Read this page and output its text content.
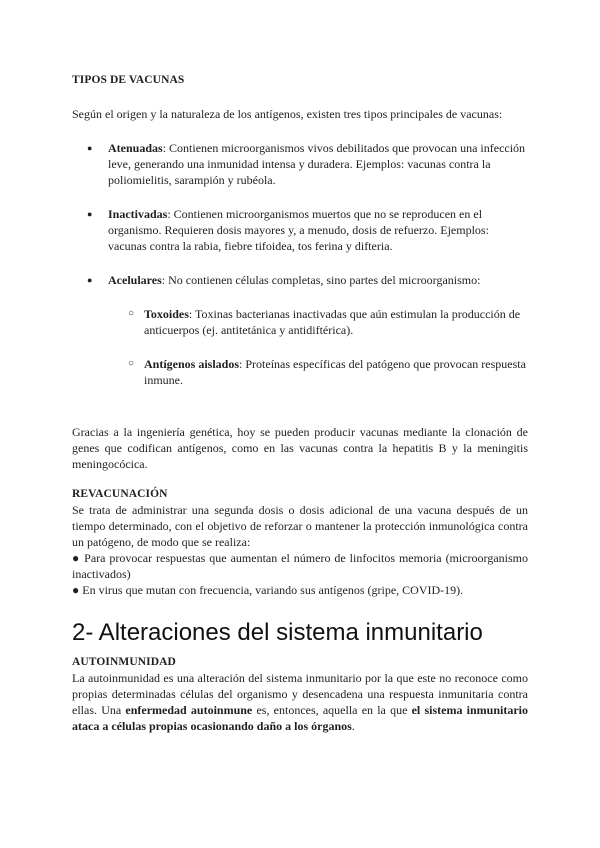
TIPOS DE VACUNAS

Según el origen y la naturaleza de los antígenos, existen tres tipos principales de vacunas:

● Atenuadas: Contienen microorganismos vivos debilitados que provocan una infección leve, generando una inmunidad intensa y duradera. Ejemplos: vacunas contra la poliomielitis, sarampión y rubéola.
● Inactivadas: Contienen microorganismos muertos que no se reproducen en el organismo. Requieren dosis mayores y, a menudo, dosis de refuerzo. Ejemplos: vacunas contra la rabia, fiebre tifoidea, tos ferina y difteria.
● Acelulares: No contienen células completas, sino partes del microorganismo:
○ Toxoides: Toxinas bacterianas inactivadas que aún estimulan la producción de anticuerpos (ej. antitetánica y antidiftérica).
○ Antígenos aislados: Proteínas específicas del patógeno que provocan respuesta inmune.

Gracias a la ingeniería genética, hoy se pueden producir vacunas mediante la clonación de genes que codifican antígenos, como en las vacunas contra la hepatitis B y la meningitis meningocócica.

REVACUNACIÓN

Se trata de administrar una segunda dosis o dosis adicional de una vacuna después de un tiempo determinado, con el objetivo de reforzar o mantener la protección inmunológica contra un patógeno, de modo que se realiza:

● Para provocar respuestas que aumentan el número de linfocitos memoria (microorganismo inactivados)

● En virus que mutan con frecuencia, variando sus antígenos (gripe, COVID-19).

2- Alteraciones del sistema inmunitario

AUTOINMUNIDAD

La autoinmunidad es una alteración del sistema inmunitario por la que este no reconoce como propias determinadas células del organismo y desencadena una respuesta inmunitaria contra ellas. Una enfermedad autoinmune es, entonces, aquella en la que el sistema inmunitario ataca a células propias ocasionando daño a los órganos.
